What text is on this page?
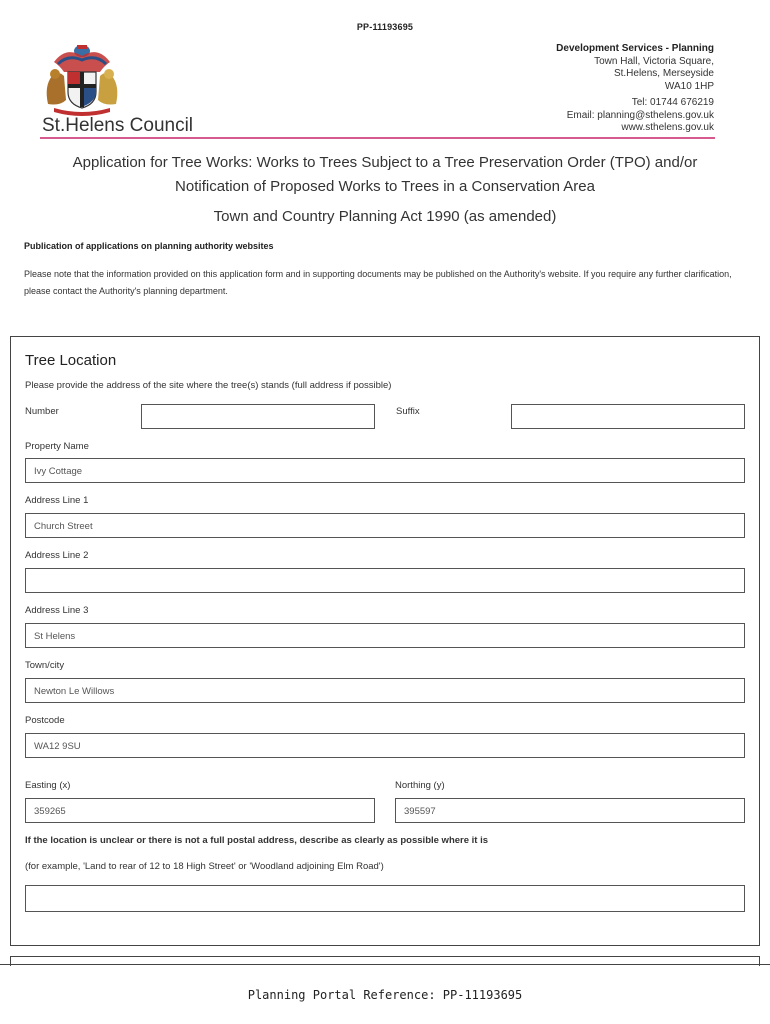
PP-11193695
St.Helens Council
Development Services - Planning
Town Hall, Victoria Square,
St.Helens, Merseyside
WA10 1HP
Tel: 01744 676219
Email: planning@sthelens.gov.uk
www.sthelens.gov.uk
Application for Tree Works: Works to Trees Subject to a Tree Preservation Order (TPO) and/or
Notification of Proposed Works to Trees in a Conservation Area
Town and Country Planning Act 1990 (as amended)
Publication of applications on planning authority websites
Please note that the information provided on this application form and in supporting documents may be published on the Authority's website. If you require any further clarification, please contact the Authority's planning department.
Tree Location
Please provide the address of the site where the tree(s) stands (full address if possible)
Number	Suffix
Property Name
Ivy Cottage
Address Line 1
Church Street
Address Line 2
Address Line 3
St Helens
Town/city
Newton Le Willows
Postcode
WA12 9SU
Easting (x)
359265
Northing (y)
395597
If the location is unclear or there is not a full postal address, describe as clearly as possible where it is
(for example, 'Land to rear of 12 to 18 High Street' or 'Woodland adjoining Elm Road')
Planning Portal Reference: PP-11193695
